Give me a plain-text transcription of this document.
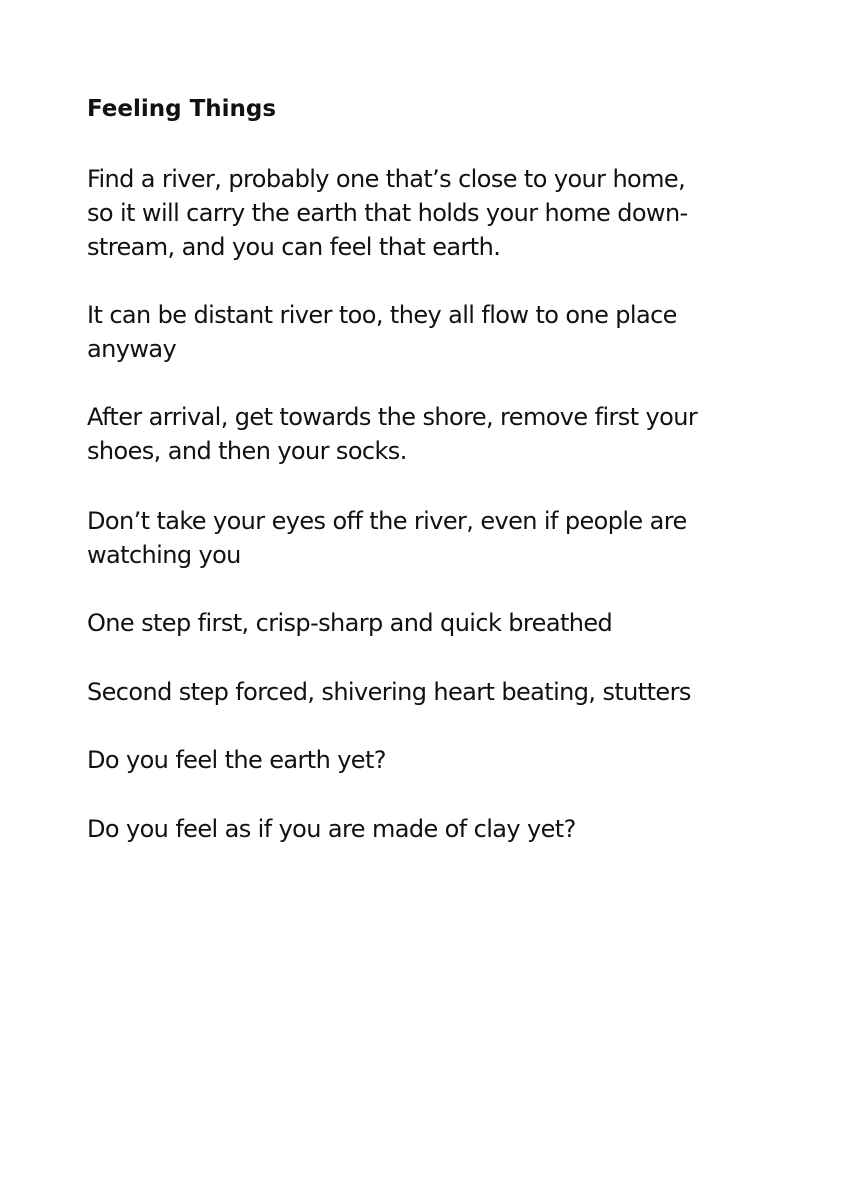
Feeling Things

Find a river, probably one that’s close to your home,
so it will carry the earth that holds your home down-
stream, and you can feel that earth.

It can be distant river too, they all flow to one place
anyway

After arrival, get towards the shore, remove first your
shoes, and then your socks.

Don’t take your eyes off the river, even if people are
watching you

One step first, crisp-sharp and quick breathed

Second step forced, shivering heart beating, stutters

Do you feel the earth yet?

Do you feel as if you are made of clay yet?
